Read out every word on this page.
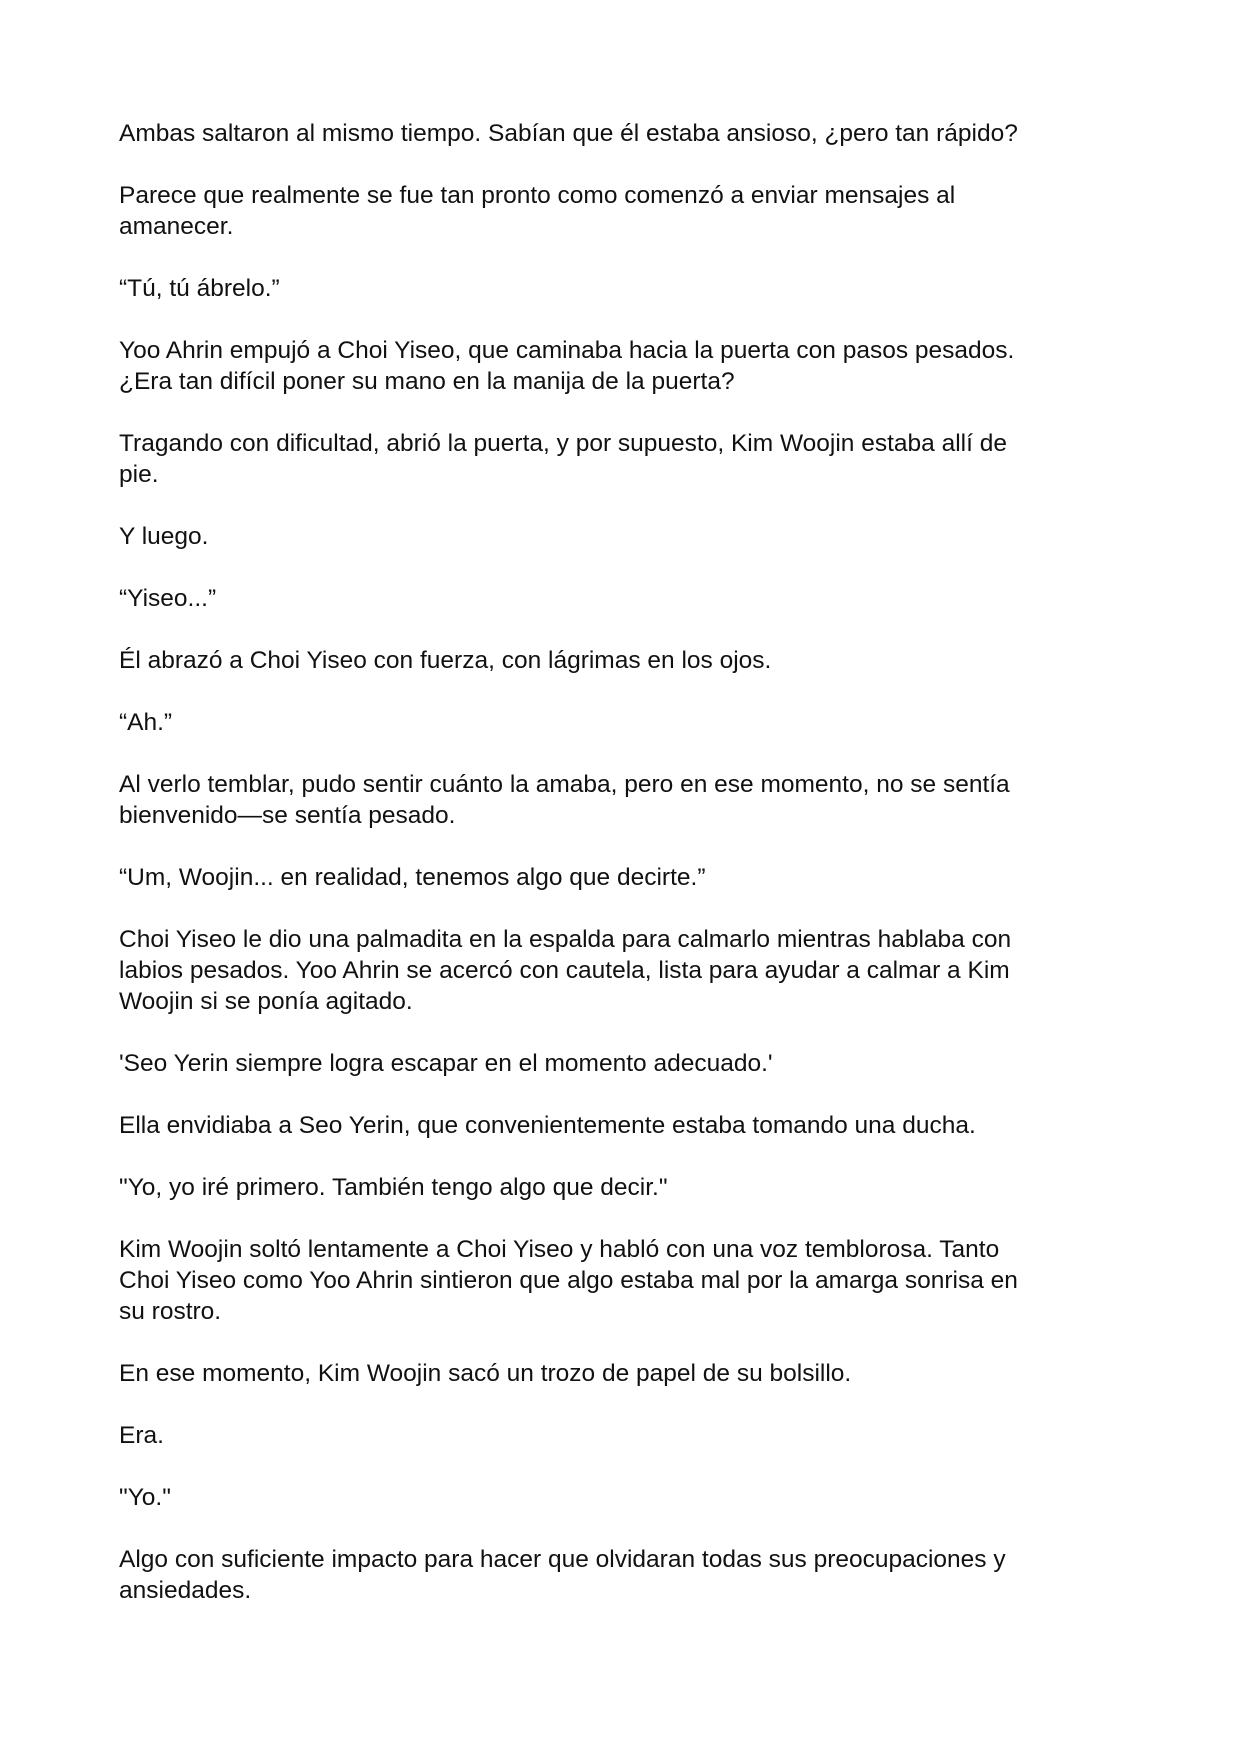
Ambas saltaron al mismo tiempo. Sabían que él estaba ansioso, ¿pero tan rápido?

Parece que realmente se fue tan pronto como comenzó a enviar mensajes al
amanecer.

“Tú, tú ábrelo.”

Yoo Ahrin empujó a Choi Yiseo, que caminaba hacia la puerta con pasos pesados.
¿Era tan difícil poner su mano en la manija de la puerta?

Tragando con dificultad, abrió la puerta, y por supuesto, Kim Woojin estaba allí de
pie.

Y luego.

“Yiseo...”

Él abrazó a Choi Yiseo con fuerza, con lágrimas en los ojos.

“Ah.”

Al verlo temblar, pudo sentir cuánto la amaba, pero en ese momento, no se sentía
bienvenido—se sentía pesado.

“Um, Woojin... en realidad, tenemos algo que decirte.”

Choi Yiseo le dio una palmadita en la espalda para calmarlo mientras hablaba con
labios pesados. Yoo Ahrin se acercó con cautela, lista para ayudar a calmar a Kim
Woojin si se ponía agitado.

'Seo Yerin siempre logra escapar en el momento adecuado.'

Ella envidiaba a Seo Yerin, que convenientemente estaba tomando una ducha.

"Yo, yo iré primero. También tengo algo que decir."

Kim Woojin soltó lentamente a Choi Yiseo y habló con una voz temblorosa. Tanto
Choi Yiseo como Yoo Ahrin sintieron que algo estaba mal por la amarga sonrisa en
su rostro.

En ese momento, Kim Woojin sacó un trozo de papel de su bolsillo.

Era.

"Yo."

Algo con suficiente impacto para hacer que olvidaran todas sus preocupaciones y
ansiedades.
